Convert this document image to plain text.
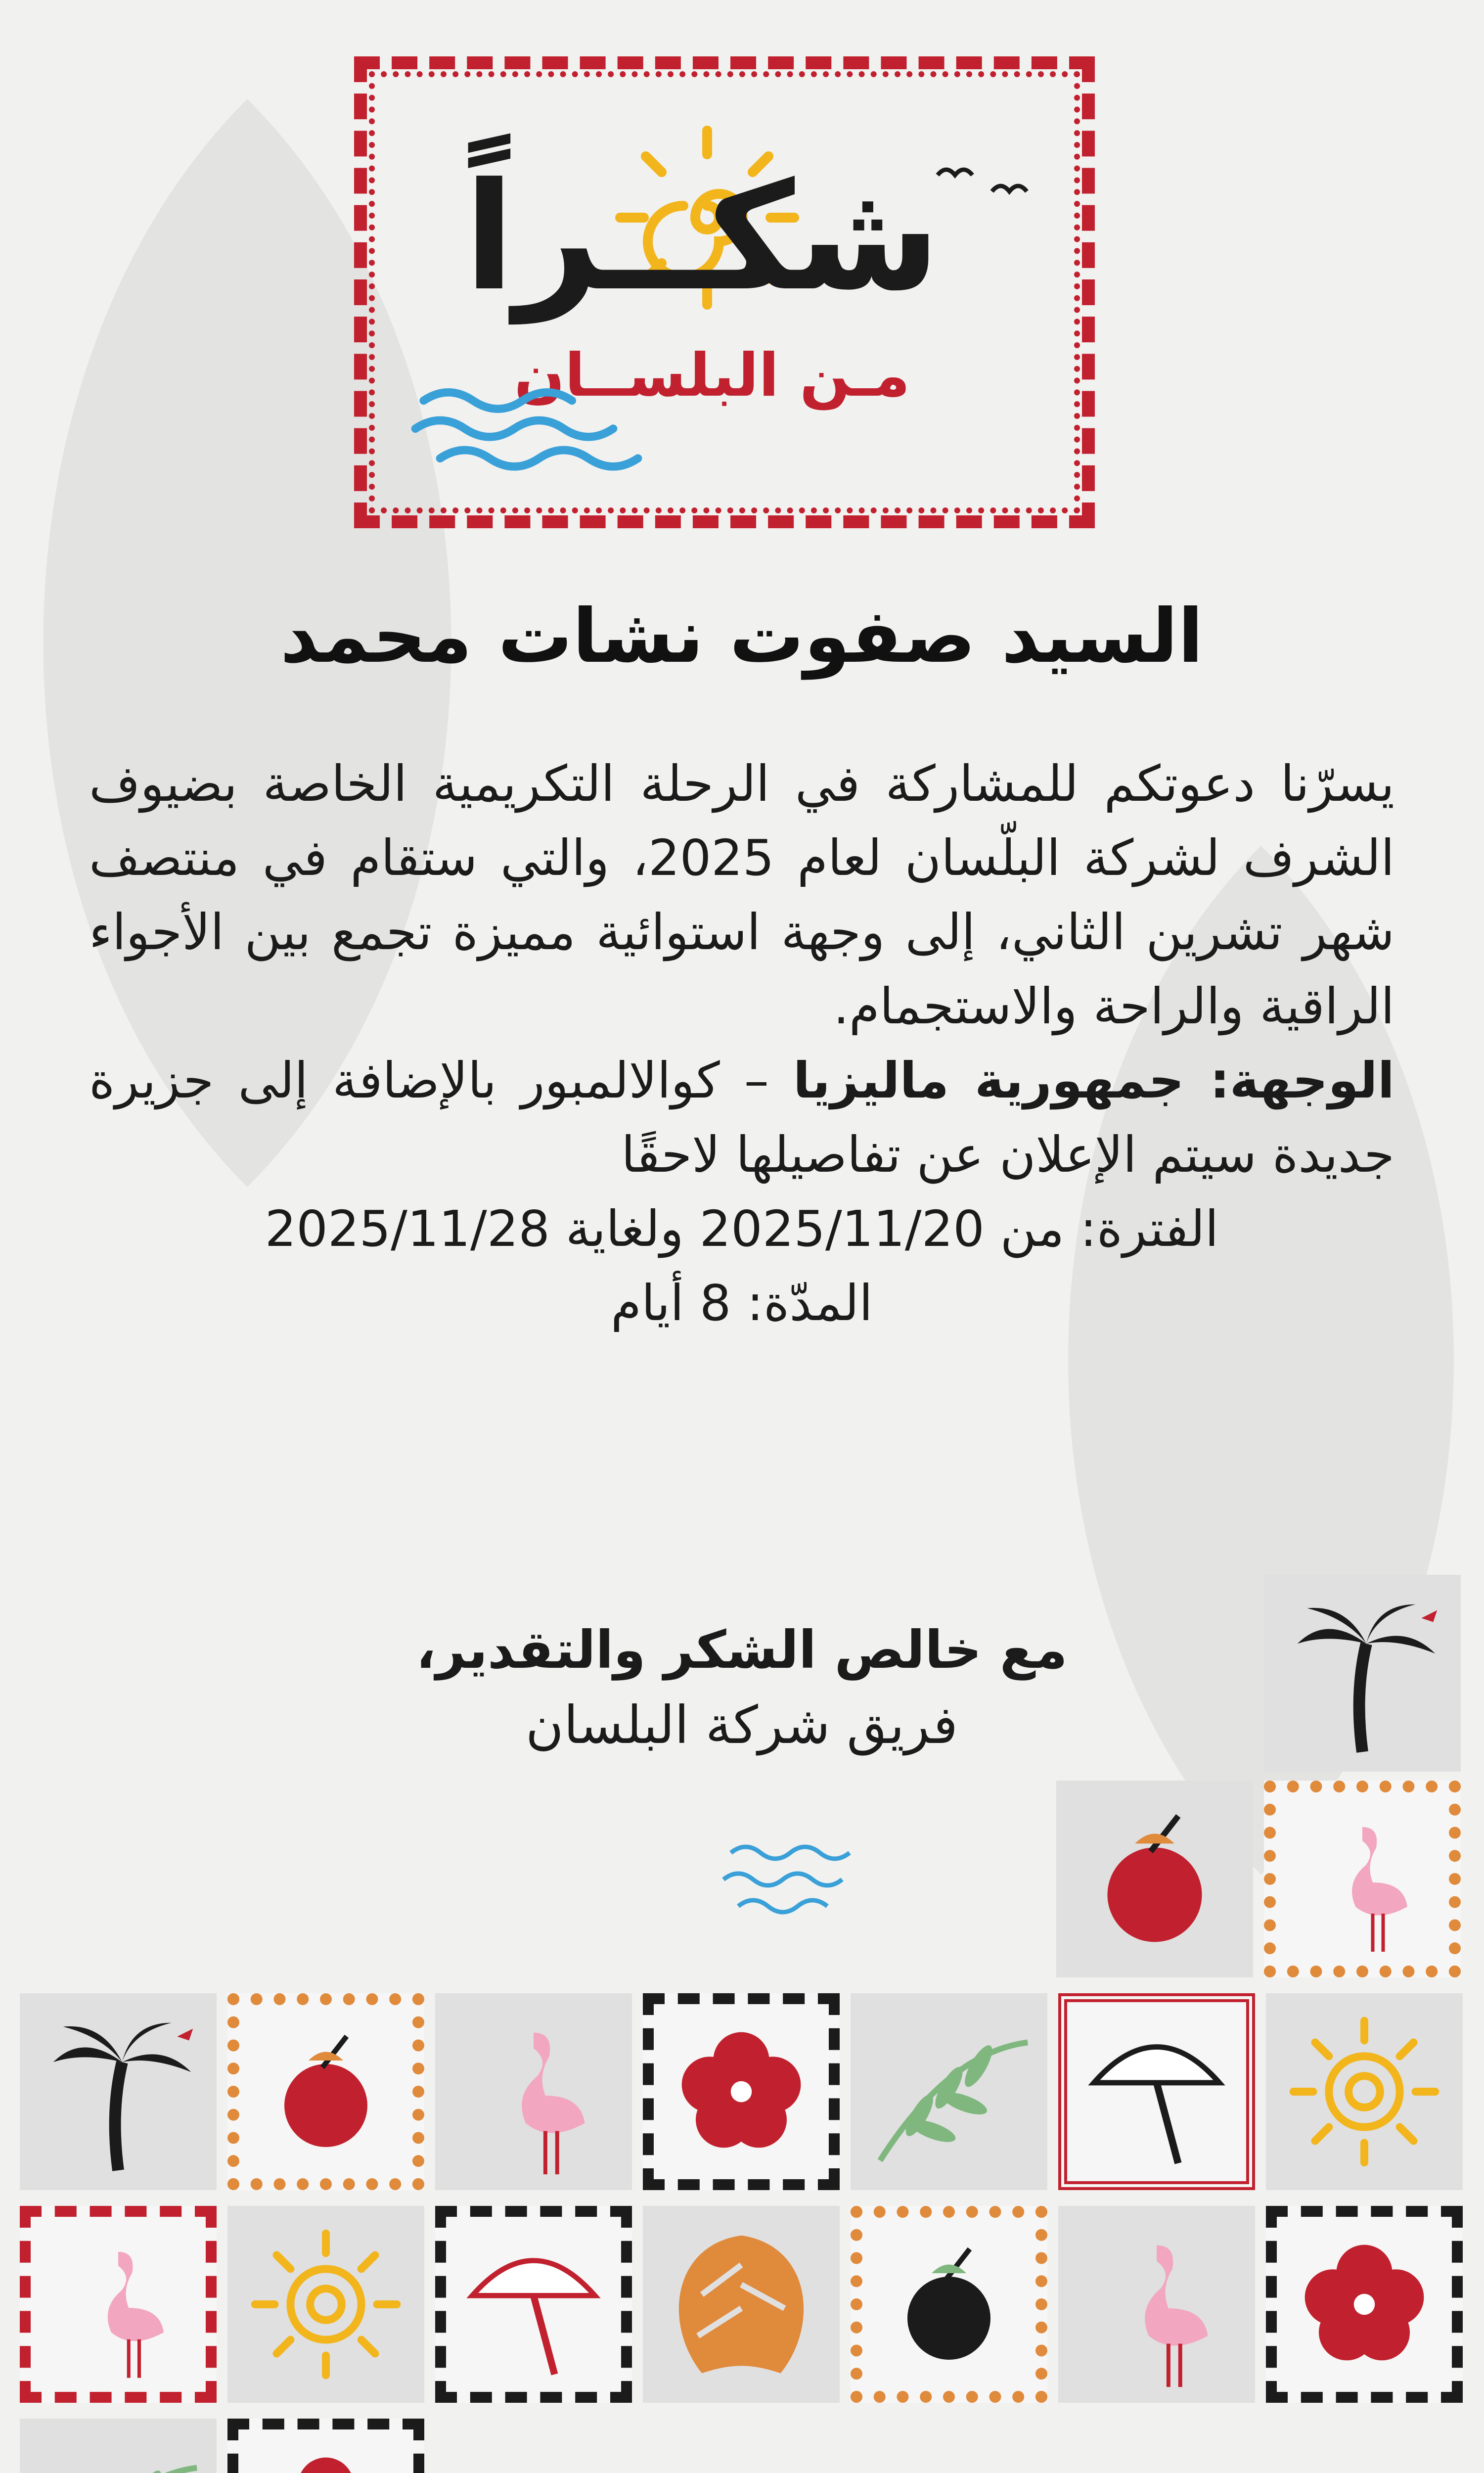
شكــراً
مـن البلســان
السيد صفوت نشات محمد

يسرّنا دعوتكم للمشاركة في الرحلة التكريمية الخاصة بضيوف الشرف لشركة البلّسان لعام 2025، والتي ستقام في منتصف شهر تشرين الثاني، إلى وجهة استوائية مميزة تجمع بين الأجواء الراقية والراحة والاستجمام.

الوجهة: جمهورية ماليزيا – كوالالمبور بالإضافة إلى جزيرة جديدة سيتم الإعلان عن تفاصيلها لاحقًا

الفترة: من 2025/11/20 ولغاية 2025/11/28

المدّة: 8 أيام

مع خالص الشكر والتقدير،
فريق شركة البلسان
